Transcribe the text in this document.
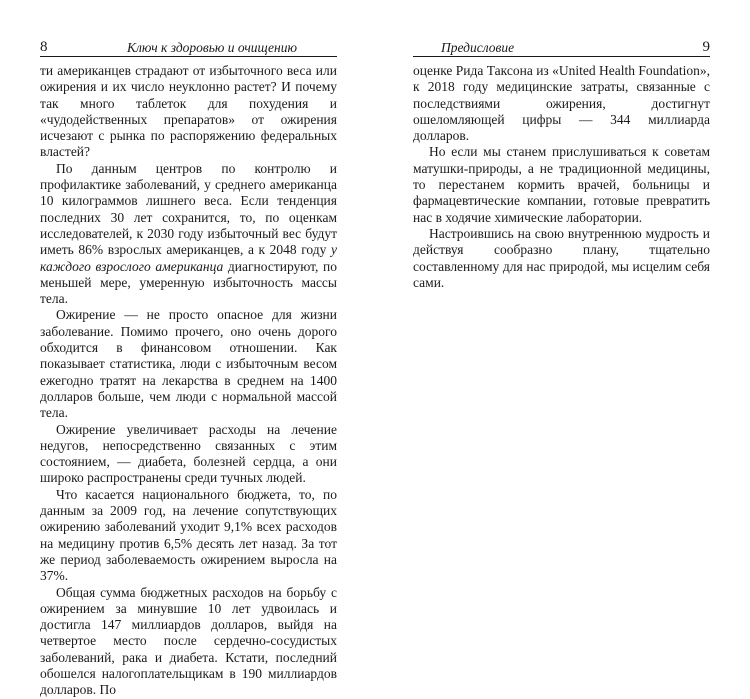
8	Ключ к здоровью и очищению

ти американцев страдают от избыточного веса или ожирения и их число неуклонно растет? И почему так много таблеток для похудения и «чудодейственных препаратов» от ожирения исчезают с рынка по распоряжению федеральных властей?

По данным центров по контролю и профилактике заболеваний, у среднего американца 10 килограммов лишнего веса. Если тенденция последних 30 лет сохранится, то, по оценкам исследователей, к 2030 году избыточный вес будут иметь 86% взрослых американцев, а к 2048 году у каждого взрослого американца диагностируют, по меньшей мере, умеренную избыточность массы тела.

Ожирение — не просто опасное для жизни заболевание. Помимо прочего, оно очень дорого обходится в финансовом отношении. Как показывает статистика, люди с избыточным весом ежегодно тратят на лекарства в среднем на 1400 долларов больше, чем люди с нормальной массой тела.

Ожирение увеличивает расходы на лечение недугов, непосредственно связанных с этим состоянием, — диабета, болезней сердца, а они широко распространены среди тучных людей.

Что касается национального бюджета, то, по данным за 2009 год, на лечение сопутствующих ожирению заболеваний уходит 9,1% всех расходов на медицину против 6,5% десять лет назад. За тот же период заболеваемость ожирением выросла на 37%.

Общая сумма бюджетных расходов на борьбу с ожирением за минувшие 10 лет удвоилась и достигла 147 миллиардов долларов, выйдя на четвертое место после сердечно-сосудистых заболеваний, рака и диабета. Кстати, последний обошелся налогоплательщикам в 190 миллиардов долларов. По

Предисловие	9

оценке Рида Таксона из «United Health Foundation», к 2018 году медицинские затраты, связанные с последствиями ожирения, достигнут ошеломляющей цифры — 344 миллиарда долларов.

Но если мы станем прислушиваться к советам матушки-природы, а не традиционной медицины, то перестанем кормить врачей, больницы и фармацевтические компании, готовые превратить нас в ходячие химические лаборатории.

Настроившись на свою внутреннюю мудрость и действуя сообразно плану, тщательно составленному для нас природой, мы исцелим себя сами.
